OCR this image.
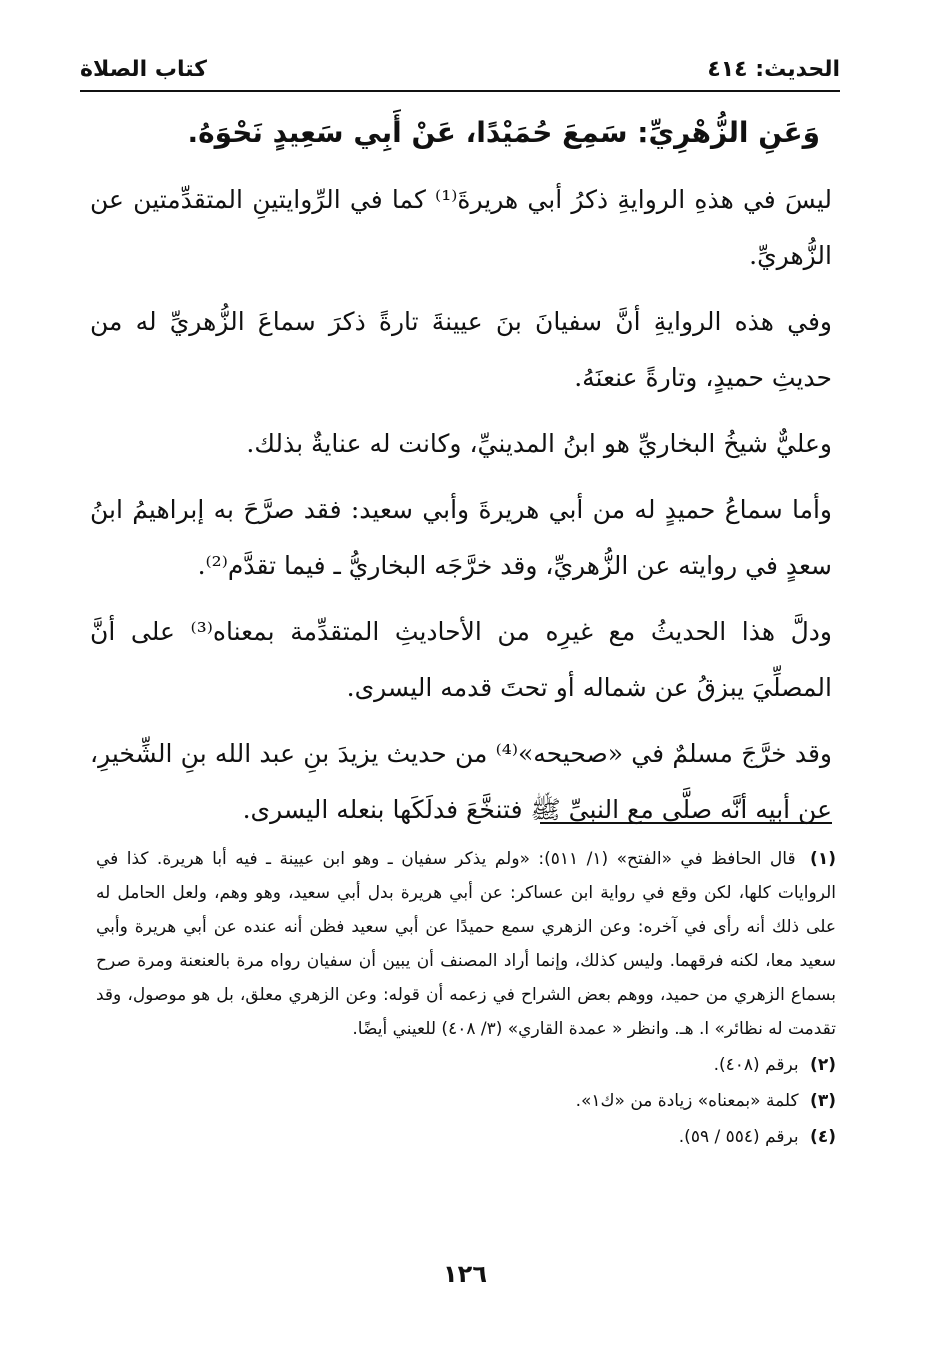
الحديث: ٤١٤
كتاب الصلاة

وَعَنِ الزُّهْرِيِّ: سَمِعَ حُمَيْدًا، عَنْ أَبِي سَعِيدٍ نَحْوَهُ.

ليسَ في هذهِ الروايةِ ذكرُ أبي هريرةَ⁽¹⁾ كما في الرِّوايتينِ المتقدِّمتين عن الزُّهريِّ.

وفي هذه الروايةِ أنَّ سفيانَ بنَ عيينةَ تارةً ذكرَ سماعَ الزُّهريِّ له من حديثِ حميدٍ، وتارةً عنعنَهُ.

وعليٌّ شيخُ البخاريِّ هو ابنُ المدينيِّ، وكانت له عنايةٌ بذلك.

وأما سماعُ حميدٍ له من أبي هريرةَ وأبي سعيد: فقد صرَّحَ به إبراهيمُ ابنُ سعدٍ في روايته عن الزُّهريِّ، وقد خرَّجَه البخاريُّ ـ فيما تقدَّم⁽²⁾.

ودلَّ هذا الحديثُ مع غيرِه من الأحاديثِ المتقدِّمة بمعناه⁽³⁾ على أنَّ المصلِّيَ يبزقُ عن شماله أو تحتَ قدمه اليسرى.

وقد خرَّجَ مسلمٌ في «صحيحه»⁽⁴⁾ من حديث يزيدَ بنِ عبد الله بنِ الشِّخيرِ، عن أبيه أنَّه صلَّى مع النبيِّ ﷺ فتنخَّعَ فدلَكَها بنعله اليسرى.

(١) قال الحافظ في «الفتح» (١/ ٥١١): «ولم يذكر سفيان ـ وهو ابن عيينة ـ فيه أبا هريرة. كذا في الروايات كلها، لكن وقع في رواية ابن عساكر: عن أبي هريرة بدل أبي سعيد، وهو وهم، ولعل الحامل له على ذلك أنه رأى في آخره: وعن الزهري سمع حميدًا عن أبي سعيد فظن أنه عنده عن أبي هريرة وأبي سعيد معا، لكنه فرقهما. وليس كذلك، وإنما أراد المصنف أن يبين أن سفيان رواه مرة بالعنعنة ومرة صرح بسماع الزهري من حميد، ووهم بعض الشراح في زعمه أن قوله: وعن الزهري معلق، بل هو موصول، وقد تقدمت له نظائر» ا. هـ. وانظر « عمدة القاري» (٣/ ٤٠٨) للعيني أيضًا.

(٢) برقم (٤٠٨).

(٣) كلمة «بمعناه» زيادة من «ك١».

(٤) برقم (٥٥٤ / ٥٩).

١٢٦
